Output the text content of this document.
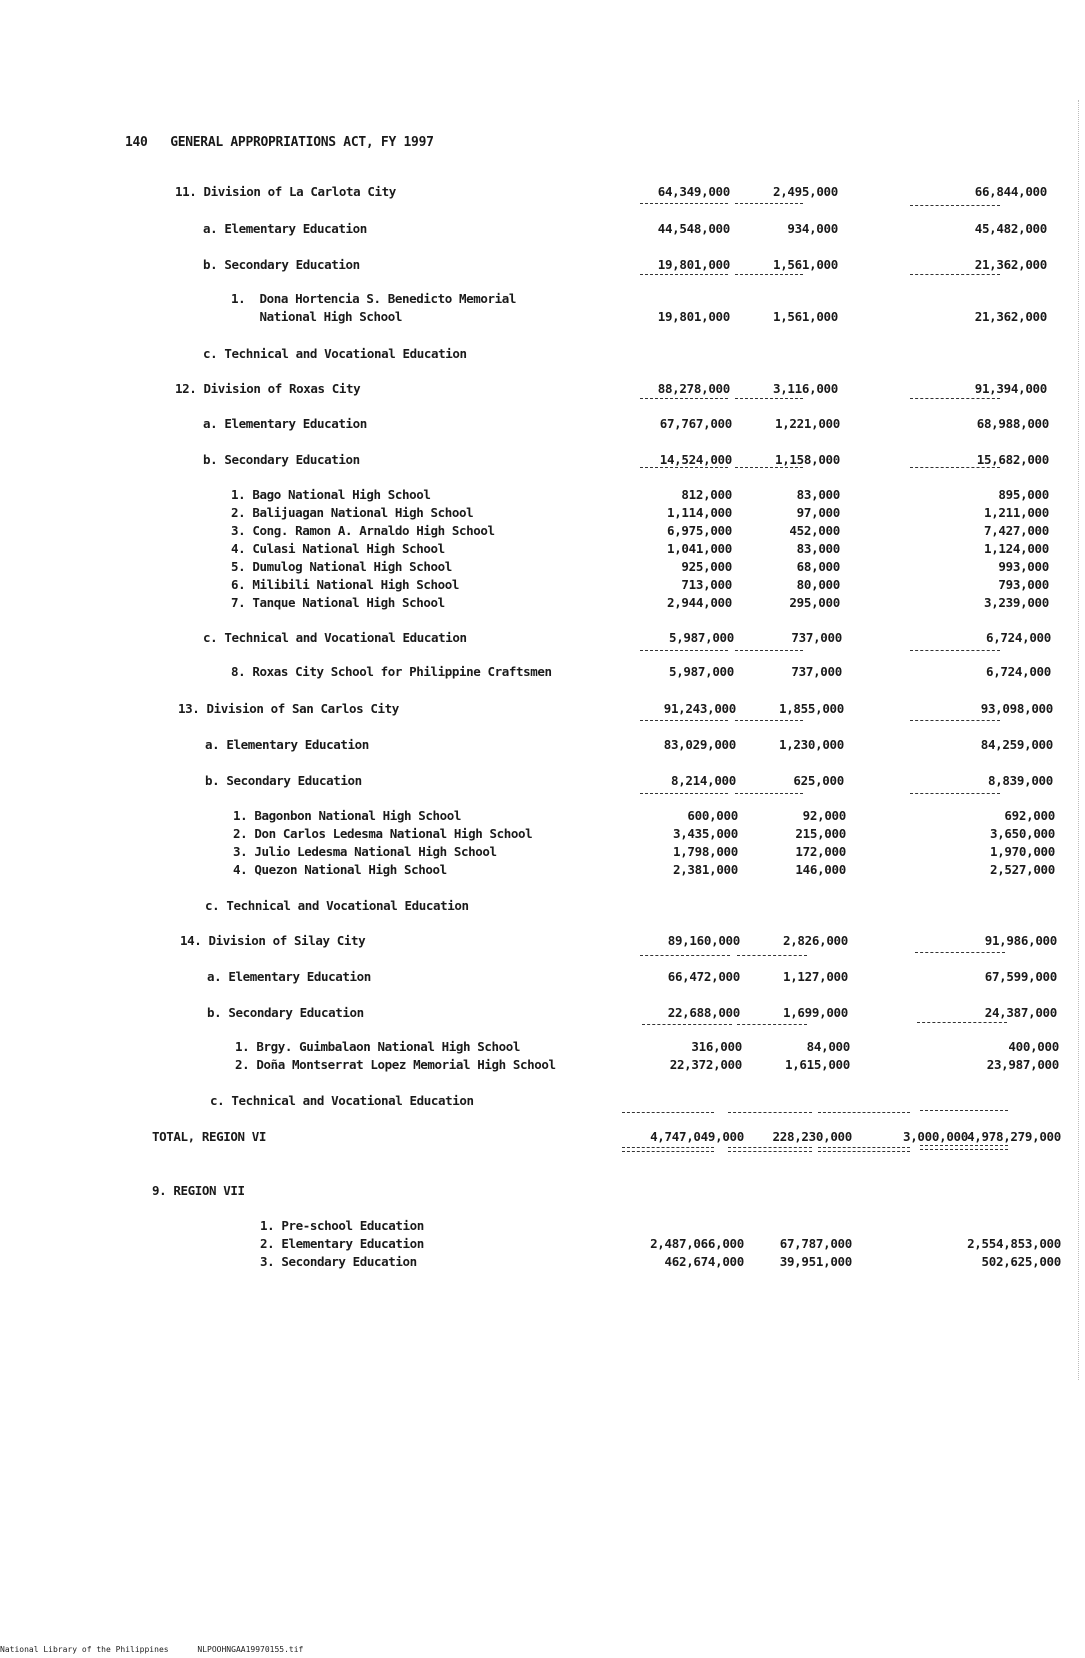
140 GENERAL APPROPRIATIONS ACT, FY 1997
11. Division of La Carlota City	64,349,000	2,495,000	66,844,000
a. Elementary Education	44,548,000	934,000	45,482,000
b. Secondary Education	19,801,000	1,561,000	21,362,000
1.  Dona Hortencia S. Benedicto Memorial
National High School	19,801,000	1,561,000	21,362,000
c. Technical and Vocational Education
12. Division of Roxas City	88,278,000	3,116,000	91,394,000
a. Elementary Education	67,767,000	1,221,000	68,988,000
b. Secondary Education	14,524,000	1,158,000	15,682,000
1. Bago National High School	812,000	83,000	895,000
2. Balijuagan National High School	1,114,000	97,000	1,211,000
3. Cong. Ramon A. Arnaldo High School	6,975,000	452,000	7,427,000
4. Culasi National High School	1,041,000	83,000	1,124,000
5. Dumulog National High School	925,000	68,000	993,000
6. Milibili National High School	713,000	80,000	793,000
7. Tanque National High School	2,944,000	295,000	3,239,000
c. Technical and Vocational Education	5,987,000	737,000	6,724,000
8. Roxas City School for Philippine Craftsmen	5,987,000	737,000	6,724,000
13. Division of San Carlos City	91,243,000	1,855,000	93,098,000
a. Elementary Education	83,029,000	1,230,000	84,259,000
b. Secondary Education	8,214,000	625,000	8,839,000
1. Bagonbon National High School	600,000	92,000	692,000
2. Don Carlos Ledesma National High School	3,435,000	215,000	3,650,000
3. Julio Ledesma National High School	1,798,000	172,000	1,970,000
4. Quezon National High School	2,381,000	146,000	2,527,000
c. Technical and Vocational Education
14. Division of Silay City	89,160,000	2,826,000	91,986,000
a. Elementary Education	66,472,000	1,127,000	67,599,000
b. Secondary Education	22,688,000	1,699,000	24,387,000
1. Brgy. Guimbalaon National High School	316,000	84,000	400,000
2. Doña Montserrat Lopez Memorial High School	22,372,000	1,615,000	23,987,000
c. Technical and Vocational Education
TOTAL, REGION VI	4,747,049,000	228,230,000	3,000,000 4,978,279,000
9. REGION VII
1. Pre-school Education
2. Elementary Education	2,487,066,000	67,787,000	2,554,853,000
3. Secondary Education	462,674,000	39,951,000	502,625,000
National Library of the Philippines	NLPOOHNGAA19970155.tif
